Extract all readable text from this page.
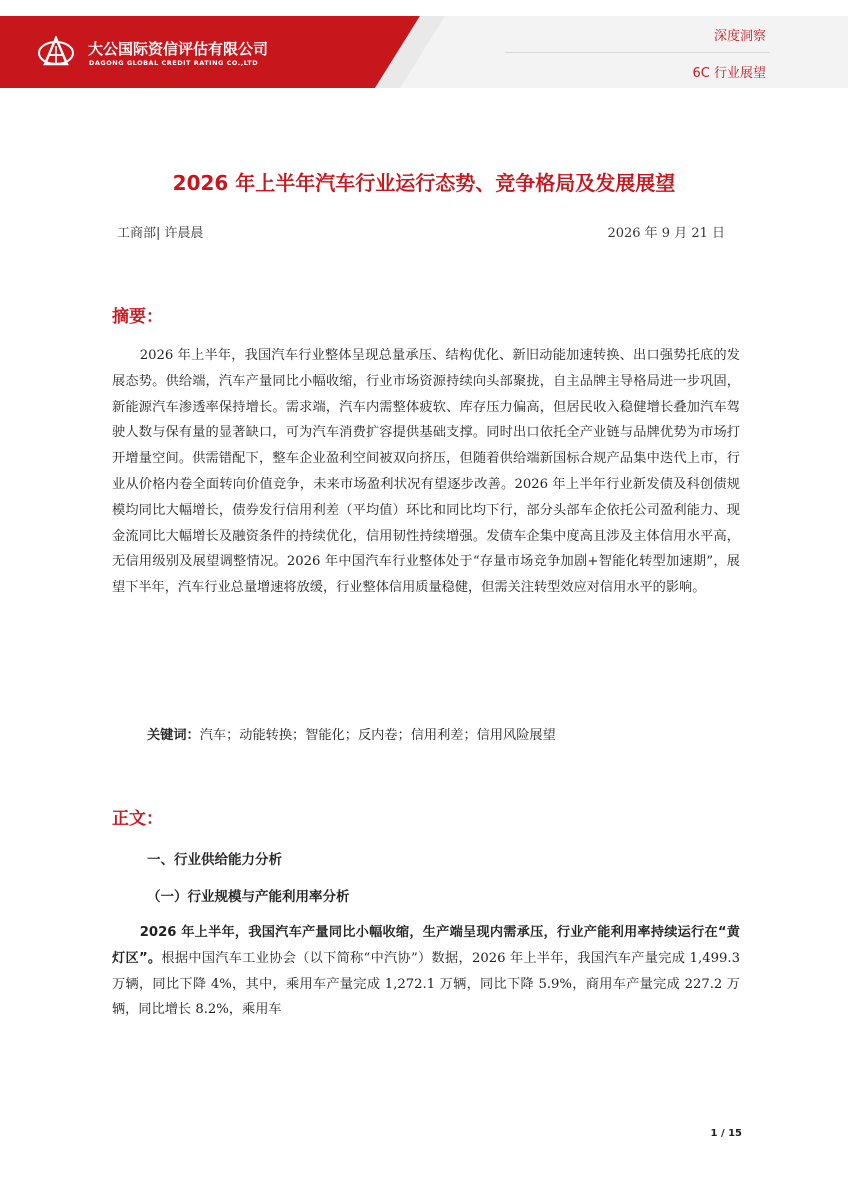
大公国际资信评估有限公司
DAGONG GLOBAL CREDIT RATING CO.,LTD
深度洞察
6C 行业展望
2026 年上半年汽车行业运行态势、竞争格局及发展展望
工商部| 许晨晨	2026 年 9 月 21 日
摘要：
2026 年上半年，我国汽车行业整体呈现总量承压、结构优化、新旧动能加速转换、出口强势托底的发展态势。供给端，汽车产量同比小幅收缩，行业市场资源持续向头部聚拢，自主品牌主导格局进一步巩固，新能源汽车渗透率保持增长。需求端，汽车内需整体疲软、库存压力偏高，但居民收入稳健增长叠加汽车驾驶人数与保有量的显著缺口，可为汽车消费扩容提供基础支撑。同时出口依托全产业链与品牌优势为市场打开增量空间。供需错配下，整车企业盈利空间被双向挤压，但随着供给端新国标合规产品集中迭代上市，行业从价格内卷全面转向价值竞争，未来市场盈利状况有望逐步改善。2026 年上半年行业新发债及科创债规模均同比大幅增长，债券发行信用利差（平均值）环比和同比均下行，部分头部车企依托公司盈利能力、现金流同比大幅增长及融资条件的持续优化，信用韧性持续增强。发债车企集中度高且涉及主体信用水平高，无信用级别及展望调整情况。2026 年中国汽车行业整体处于“存量市场竞争加剧+智能化转型加速期”，展望下半年，汽车行业总量增速将放缓，行业整体信用质量稳健，但需关注转型效应对信用水平的影响。
关键词：汽车；动能转换；智能化；反内卷；信用利差；信用风险展望
正文：
一、行业供给能力分析
（一）行业规模与产能利用率分析
2026 年上半年，我国汽车产量同比小幅收缩，生产端呈现内需承压，行业产能利用率持续运行在“黄灯区”。根据中国汽车工业协会（以下简称“中汽协”）数据，2026 年上半年，我国汽车产量完成 1,499.3 万辆，同比下降 4%，其中，乘用车产量完成 1,272.1 万辆，同比下降 5.9%，商用车产量完成 227.2 万辆，同比增长 8.2%，乘用车
1 / 15
